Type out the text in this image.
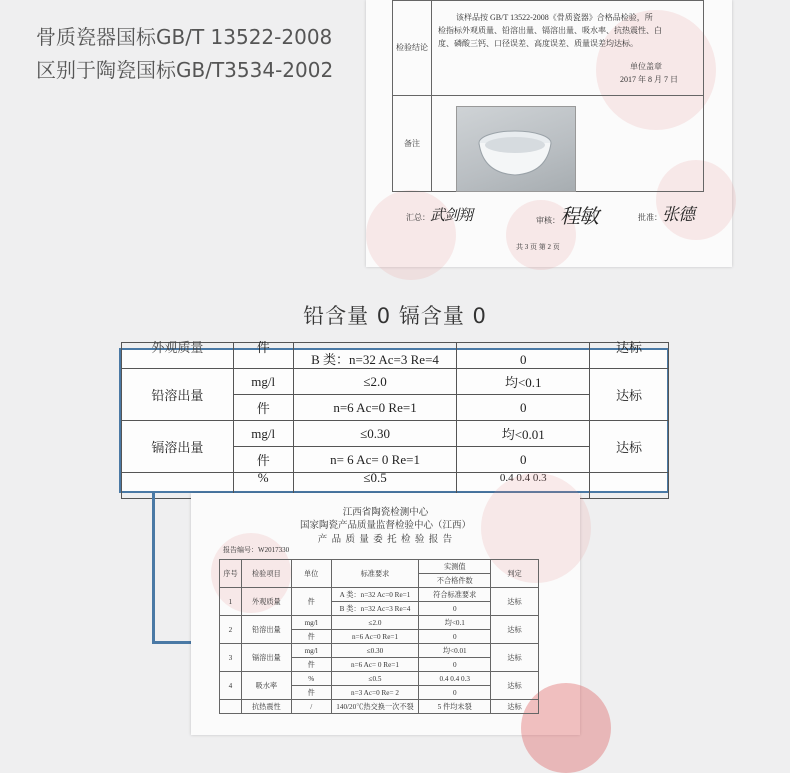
骨质瓷器国标GB/T 13522-2008
区别于陶瓷国标GB/T3534-2002
检验结论	该样品按 GB/T 13522-2008《骨质瓷器》合格品检验，所
检指标外观质量、铅溶出量、镉溶出量、吸水率、抗热震性、白
度、磷酸三钙、口径误差、高度误差、质量误差均达标。
单位盖章
2017 年 8 月 7 日

备注	
汇总：武剑翔	审核：程敏	批准：张德
共 3 页 第 2 页
铅含量 0 镉含量 0
外观质量	件	B 类：n=32 Ac=3 Re=4	0	达标
铅溶出量	mg/l	≤2.0	均<0.1	达标
	件	n=6 Ac=0 Re=1	0	
镉溶出量	mg/l	≤0.30	均<0.01	达标
	件	n= 6 Ac= 0 Re=1	0	
	%	≤0.5	0.4 0.4 0.3	
江西省陶瓷检测中心
国家陶瓷产品质量监督检验中心（江西）
产 品 质 量 委 托 检 验 报 告
报告编号：W2017330
序号	检验项目	单位	标准要求	实测值	判定
				不合格件数	
1	外观质量	件	A 类：n=32 Ac=0 Re=1	符合标准要求	达标
			B 类：n=32 Ac=3 Re=4	0	
2	铅溶出量	mg/l	≤2.0	均<0.1	达标
		件	n=6 Ac=0 Re=1	0	
3	镉溶出量	mg/l	≤0.30	均<0.01	达标
		件	n=6 Ac= 0 Re=1	0	
4	吸水率	%	≤0.5	0.4 0.4 0.3	达标
		件	n=3 Ac=0 Re= 2	0	
	抗热震性	/	140/20℃热交换一次不裂	5 件均未裂	达标
